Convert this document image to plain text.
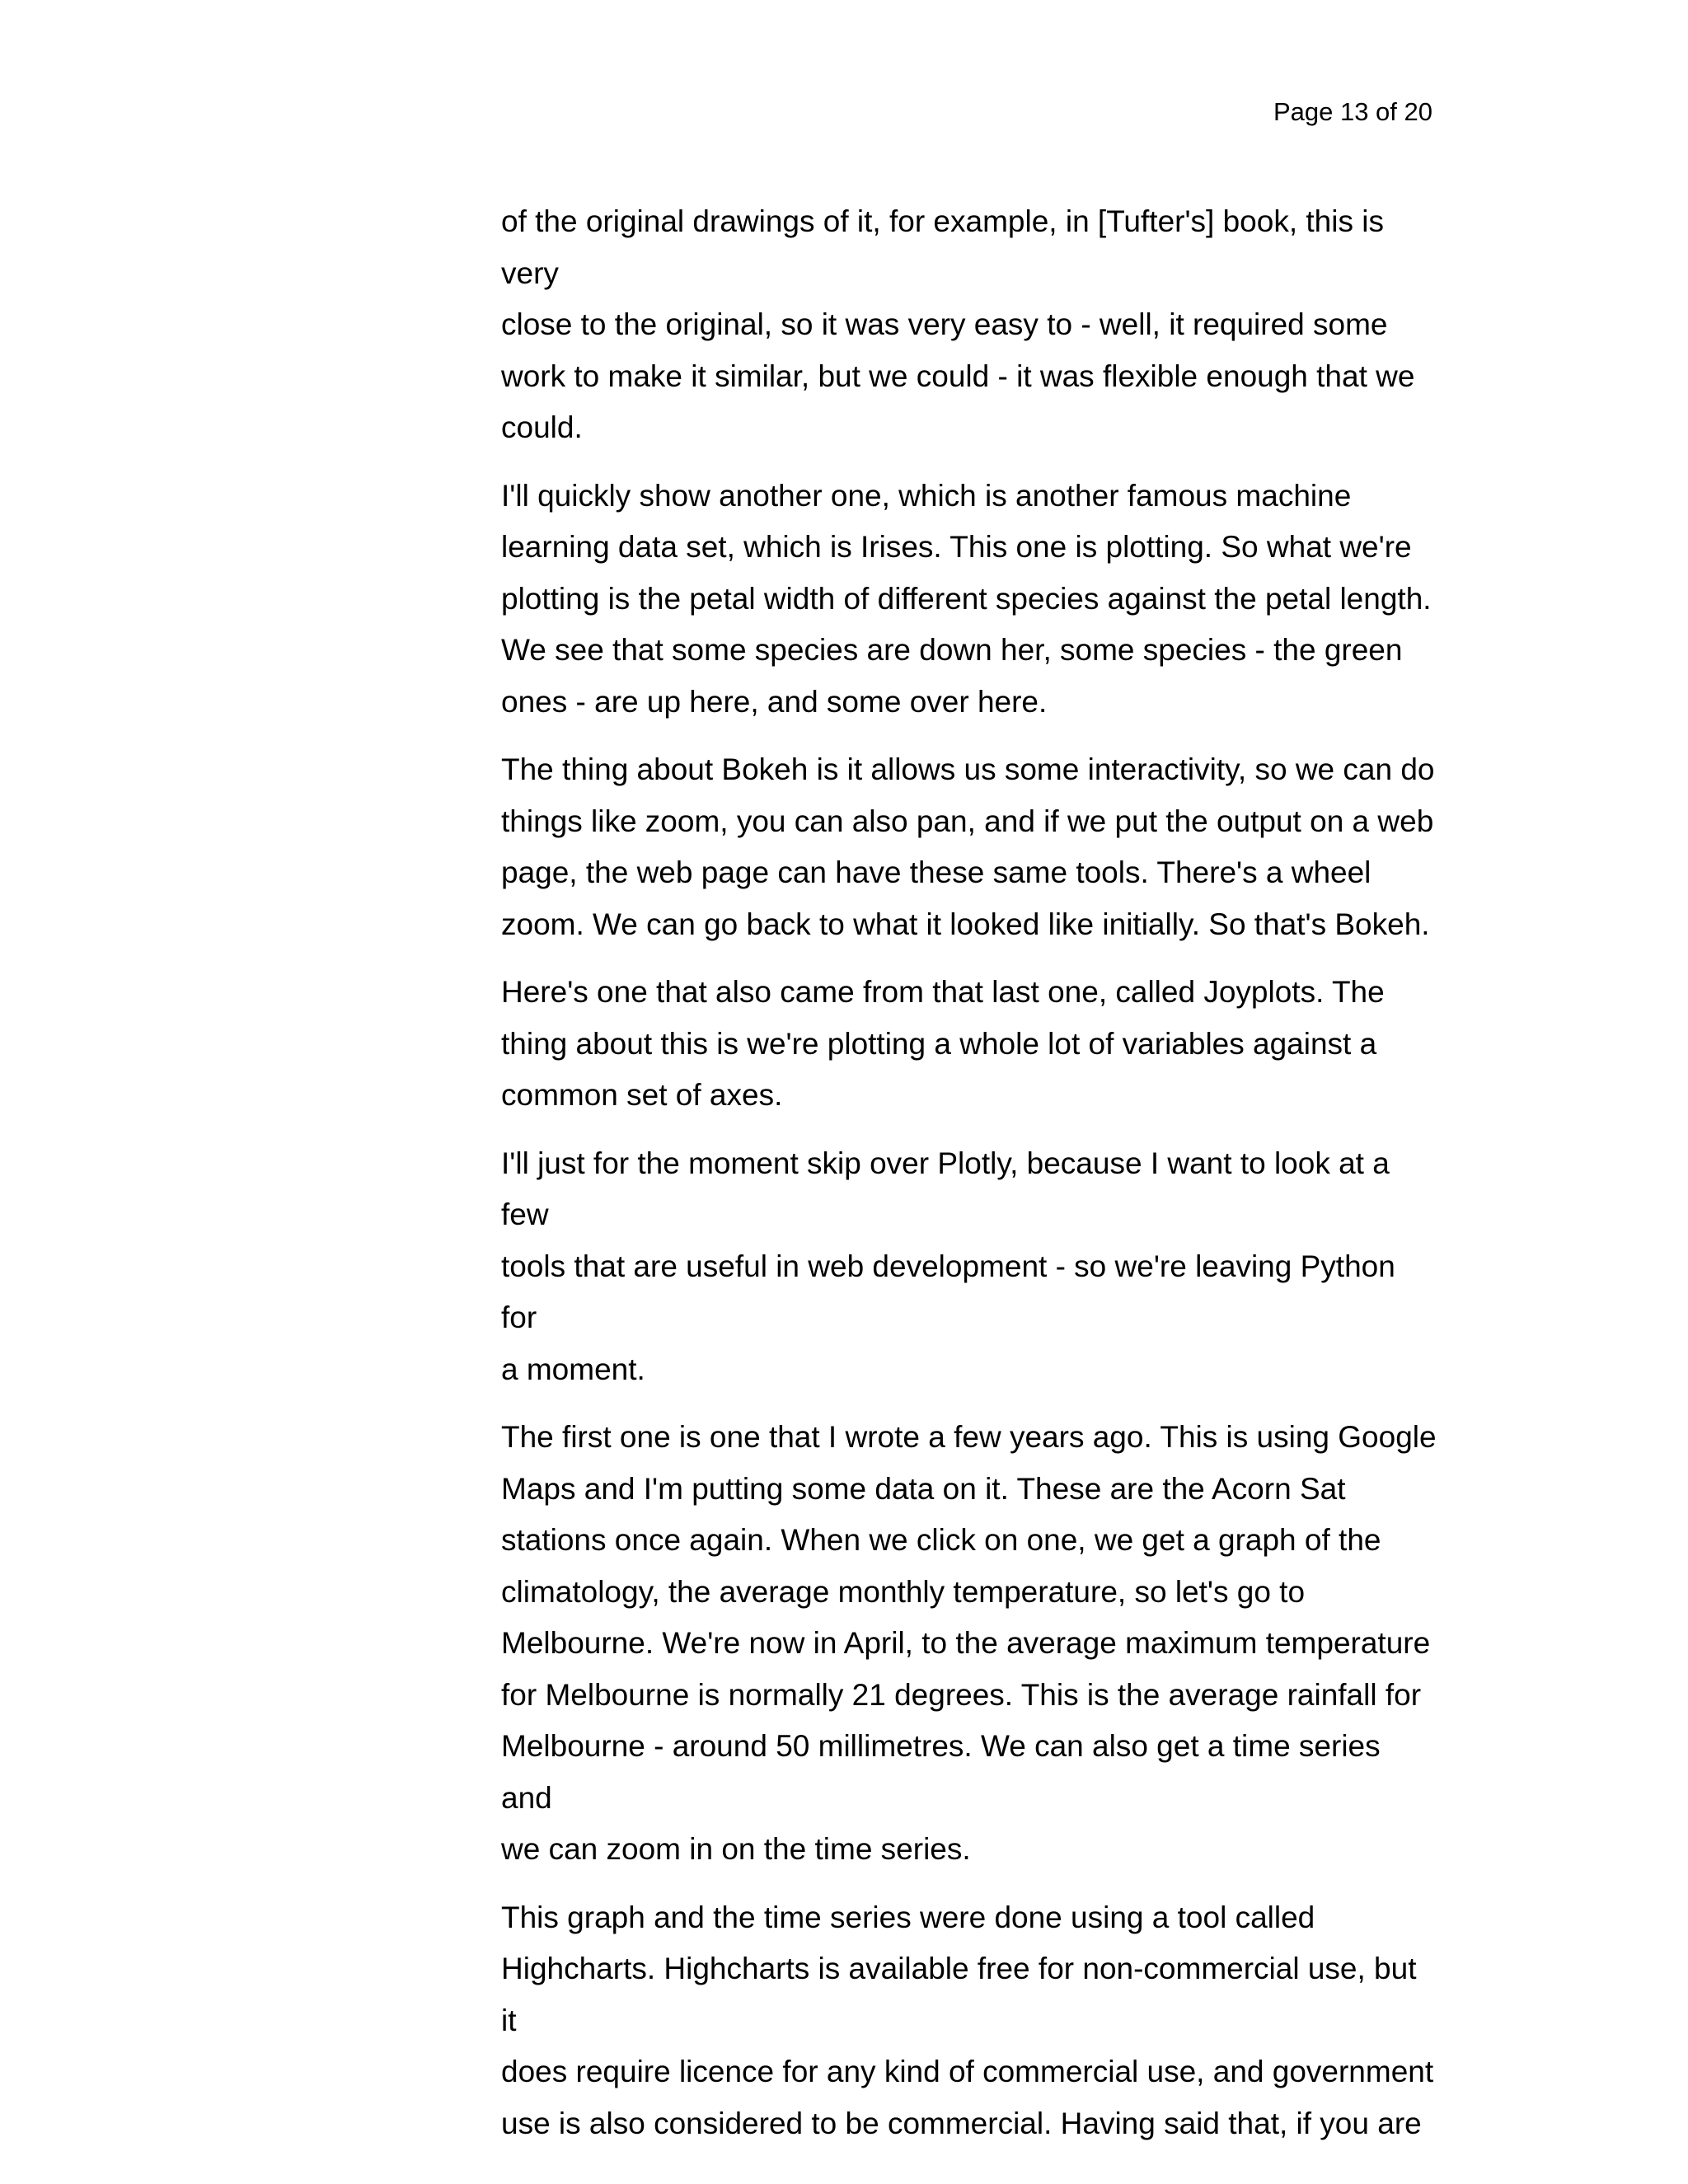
Page 13 of 20

of the original drawings of it, for example, in [Tufter's] book, this is very
close to the original, so it was very easy to - well, it required some
work to make it similar, but we could - it was flexible enough that we
could.

I'll quickly show another one, which is another famous machine
learning data set, which is Irises. This one is plotting. So what we're
plotting is the petal width of different species against the petal length.
We see that some species are down her, some species - the green
ones - are up here, and some over here.

The thing about Bokeh is it allows us some interactivity, so we can do
things like zoom, you can also pan, and if we put the output on a web
page, the web page can have these same tools. There's a wheel
zoom. We can go back to what it looked like initially. So that's Bokeh.

Here's one that also came from that last one, called Joyplots. The
thing about this is we're plotting a whole lot of variables against a
common set of axes.

I'll just for the moment skip over Plotly, because I want to look at a few
tools that are useful in web development - so we're leaving Python for
a moment.

The first one is one that I wrote a few years ago. This is using Google
Maps and I'm putting some data on it. These are the Acorn Sat
stations once again. When we click on one, we get a graph of the
climatology, the average monthly temperature, so let's go to
Melbourne. We're now in April, to the average maximum temperature
for Melbourne is normally 21 degrees. This is the average rainfall for
Melbourne - around 50 millimetres. We can also get a time series and
we can zoom in on the time series.

This graph and the time series were done using a tool called
Highcharts. Highcharts is available free for non-commercial use, but it
does require licence for any kind of commercial use, and government
use is also considered to be commercial. Having said that, if you are
